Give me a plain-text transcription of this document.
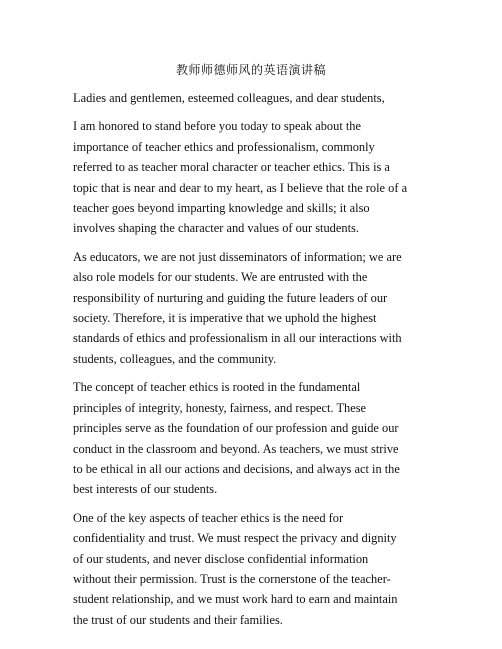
教师师德师风的英语演讲稿

Ladies and gentlemen, esteemed colleagues, and dear students,

I am honored to stand before you today to speak about the
importance of teacher ethics and professionalism, commonly
referred to as teacher moral character or teacher ethics. This is a
topic that is near and dear to my heart, as I believe that the role of a
teacher goes beyond imparting knowledge and skills; it also
involves shaping the character and values of our students.

As educators, we are not just disseminators of information; we are
also role models for our students. We are entrusted with the
responsibility of nurturing and guiding the future leaders of our
society. Therefore, it is imperative that we uphold the highest
standards of ethics and professionalism in all our interactions with
students, colleagues, and the community.

The concept of teacher ethics is rooted in the fundamental
principles of integrity, honesty, fairness, and respect. These
principles serve as the foundation of our profession and guide our
conduct in the classroom and beyond. As teachers, we must strive
to be ethical in all our actions and decisions, and always act in the
best interests of our students.

One of the key aspects of teacher ethics is the need for
confidentiality and trust. We must respect the privacy and dignity
of our students, and never disclose confidential information
without their permission. Trust is the cornerstone of the teacher-
student relationship, and we must work hard to earn and maintain
the trust of our students and their families.
